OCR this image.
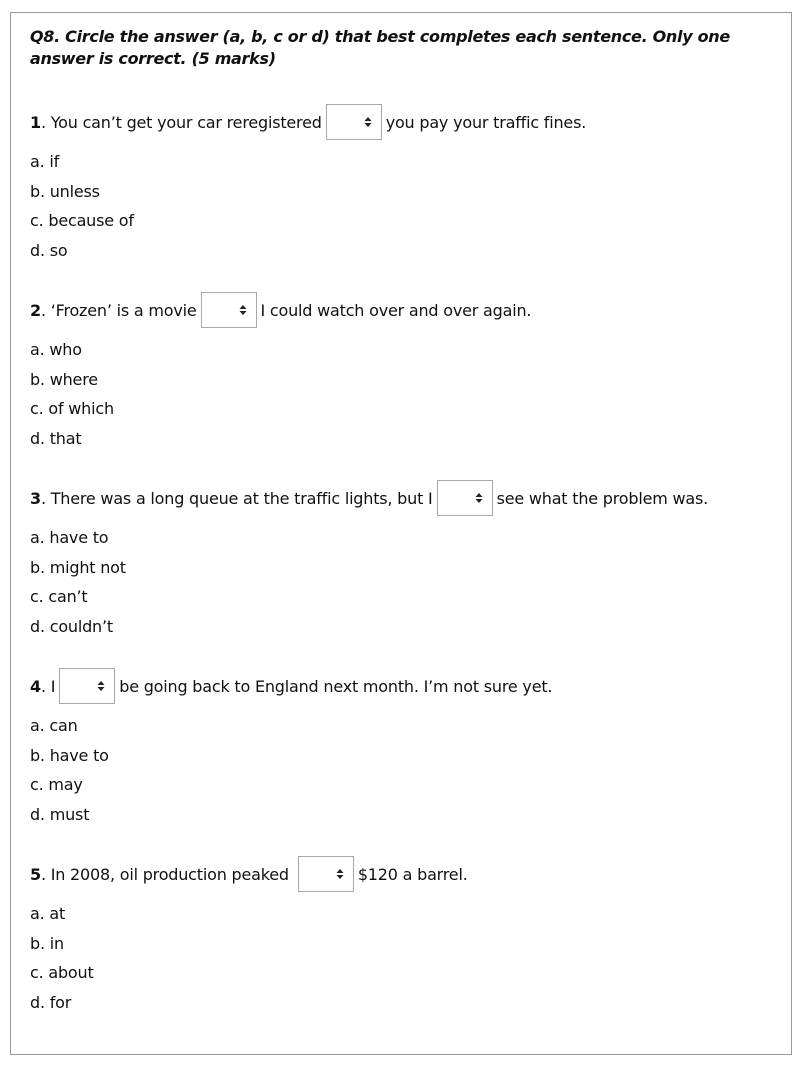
Q8. Circle the answer (a, b, c or d) that best completes each sentence. Only one answer is correct. (5 marks)
1. You can’t get your car reregistered	you pay your traffic fines.
a. if
b. unless
c. because of
d. so
2. ‘Frozen’ is a movie	I could watch over and over again.
a. who
b. where
c. of which
d. that
3. There was a long queue at the traffic lights, but I	see what the problem was.
a. have to
b. might not
c. can’t
d. couldn’t
4. I	be going back to England next month. I’m not sure yet.
a. can
b. have to
c. may
d. must
5. In 2008, oil production peaked	$120 a barrel.
a. at
b. in
c. about
d. for
